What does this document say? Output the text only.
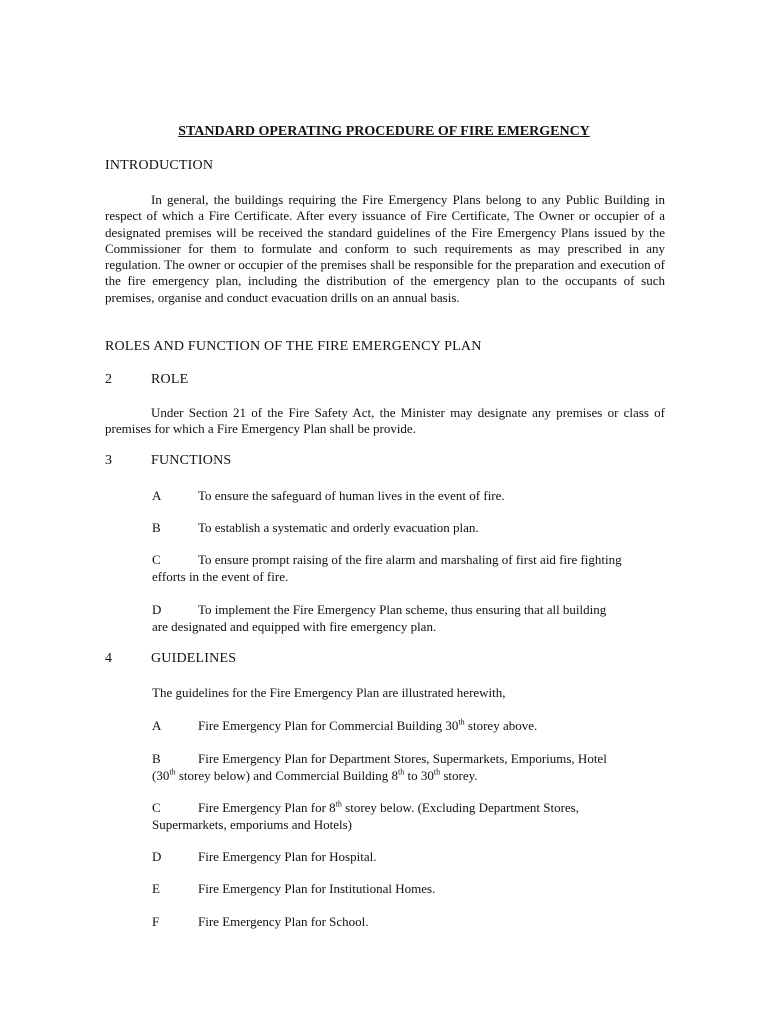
STANDARD OPERATING PROCEDURE OF FIRE EMERGENCY
INTRODUCTION

In general, the buildings requiring the Fire Emergency Plans belong to any Public Building in respect of which a Fire Certificate. After every issuance of Fire Certificate, The Owner or occupier of a designated premises will be received the standard guidelines of the Fire Emergency Plans issued by the Commissioner for them to formulate and conform to such requirements as may prescribed in any regulation. The owner or occupier of the premises shall be responsible for the preparation and execution of the fire emergency plan, including the distribution of the emergency plan to the occupants of such premises, organise and conduct evacuation drills on an annual basis.

ROLES AND FUNCTION OF THE FIRE EMERGENCY PLAN
2	ROLE

Under Section 21 of the Fire Safety Act, the Minister may designate any premises or class of premises for which a Fire Emergency Plan shall be provide.

3	FUNCTIONS
A	To ensure the safeguard of human lives in the event of fire.
B	To establish a systematic and orderly evacuation plan.
C	To ensure prompt raising of the fire alarm and marshaling of first aid fire fighting
efforts in the event of fire.
D	To implement the Fire Emergency Plan scheme, thus ensuring that all building
are designated and equipped with fire emergency plan.
4	GUIDELINES
The guidelines for the Fire Emergency Plan are illustrated herewith,
A	Fire Emergency Plan for Commercial Building 30th storey above.
B	Fire Emergency Plan for Department Stores, Supermarkets, Emporiums, Hotel
(30th storey below) and Commercial Building 8th to 30th storey.
C	Fire Emergency Plan for 8th storey below. (Excluding Department Stores,
Supermarkets, emporiums and Hotels)
D	Fire Emergency Plan for Hospital.
E	Fire Emergency Plan for Institutional Homes.
F	Fire Emergency Plan for School.
